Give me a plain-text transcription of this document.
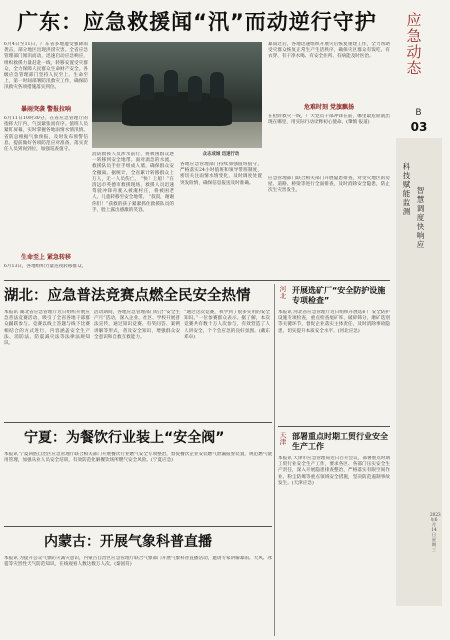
广东：应急救援闻“汛”而动逆行守护
6月4日至11日，广东省多地遭受强降雨袭击，部分地区出现洪涝灾害。全省应急管理部门闻汛而动，迅速启动应急响应，组织救援力量赶赴一线，转移安置受灾群众，全力保障人民群众生命财产安全。各级应急管理部门坚持人民至上、生命至上，第一时间部署防汛救灾工作，确保防汛救灾各项措施落实到位。
暴雨突袭 警报拉响
6月11日10时30分，在省应急管理厅的指挥大厅内，气氛紧张而有序。值班人员紧盯屏幕，实时掌握各地雨情水情汛情。省防总根据气象预报，及时发布预警信息，提前做好各项防范应对准备，落实责任人员到岗到位，加强巡查值守。
生命至上 紧急转移
6月13日，各地组织力量连夜转移群众。
消防救援人员涉水前行，将被困群众逐一转移到安全地带。面对湍急的水流，救援队员手拉手组成人墙，确保群众安全撤离。据统计，全省累计转移群众上万人，无一人员伤亡。 “快！上船！”在清远市英德市救援现场，救援人员迅速驾驶冲锋舟驶入被淹村庄，将被困老人、儿童转移至安全地带。 “叔叔，谢谢你们！”获救的孩子紧紧抓住救援队员的手，脸上露出感激的笑容。
众志成城 迅速行动
各地应急管理部门持续加强值班值守，严格落实24小时值班和领导带班制度，密切关注雨情水情变化，及时调度处置突发险情，确保信息报送及时准确。
暴雨过后，各地迅速组织开展灾后恢复重建工作，全力帮助受灾群众恢复正常生产生活秩序，确保灾区群众有饭吃、有衣穿、有干净水喝、有安全住所、有病能及时医治。
危难时刻 党旗飘扬
在抢险救灾一线，广大党员干部冲锋在前，哪里最危险就出现在哪里，用实际行动诠释初心使命。(肇慎 报道)
应急管理部门联合相关部门开展隐患排查，对受灾地区的房屋、道路、桥梁等进行全面排查，及时消除安全隐患，防止次生灾害发生。
湖北：应急普法竞赛点燃全民安全热情
本报讯 湖北省应急管理厅近日组织开展应急普法竞赛活动，吸引了全省各地干部群众踊跃参与。竞赛以线上答题与线下比赛相结合的方式进行，内容涵盖安全生产法、消防法、防震减灾法等法律法规知识。
活动期间，各地应急管理部门结合“安全生产月”活动，深入企业、社区、学校开展普法宣传，通过知识竞赛、有奖问答、案例讲解等形式，普及安全知识，增强群众安全意识和自救互救能力。
“通过这次竞赛，我学到了很多实用的安全知识。”一位参赛群众表示。据了解，本次竞赛共有数十万人次参与，有效营造了人人讲安全、个个会应急的良好氛围。(戴东 邓卓)
河北
开展选矿厂“安全防护设施专项检查”
本报讯 河北省应急管理厅近日组织开展选矿厂安全防护设施专项检查，重点检查尾矿库、破碎筛分、磨矿选别等关键环节，督促企业落实主体责任，及时消除事故隐患，切实提升本质安全水平。(河北应急)
宁夏：为餐饮行业装上“安全阀”
本报讯 宁夏回族自治区应急管理厅联合相关部门开展餐饮行业燃气安全专项整治，督促餐饮企业安装燃气泄漏报警装置，规范燃气使用管理，加强从业人员安全培训，有效防范化解餐饮场所燃气安全风险。(宁夏应急)
天津
部署重点时期工贸行业安全生产工作
本报讯 天津市应急管理局近日召开会议，部署重点时期工贸行业安全生产工作，要求各区、各部门压实安全生产责任，深入开展隐患排查整治，严格落实有限空间作业、粉尘防爆等重点领域安全措施，坚决防范遏制事故发生。(天津应急)
内蒙古：开展气象科普直播
本报讯 为提升公众气象防灾减灾意识，内蒙古自治区应急管理厅联合气象部门开展气象科普直播活动，邀请专家讲解暴雨、大风、冰雹等灾害性天气防范知识，在线观看人数达数万人次。(秦国符)
应急动态
B
03
科技赋能监测
智慧调度快响应
2023年6月14日 星期三
